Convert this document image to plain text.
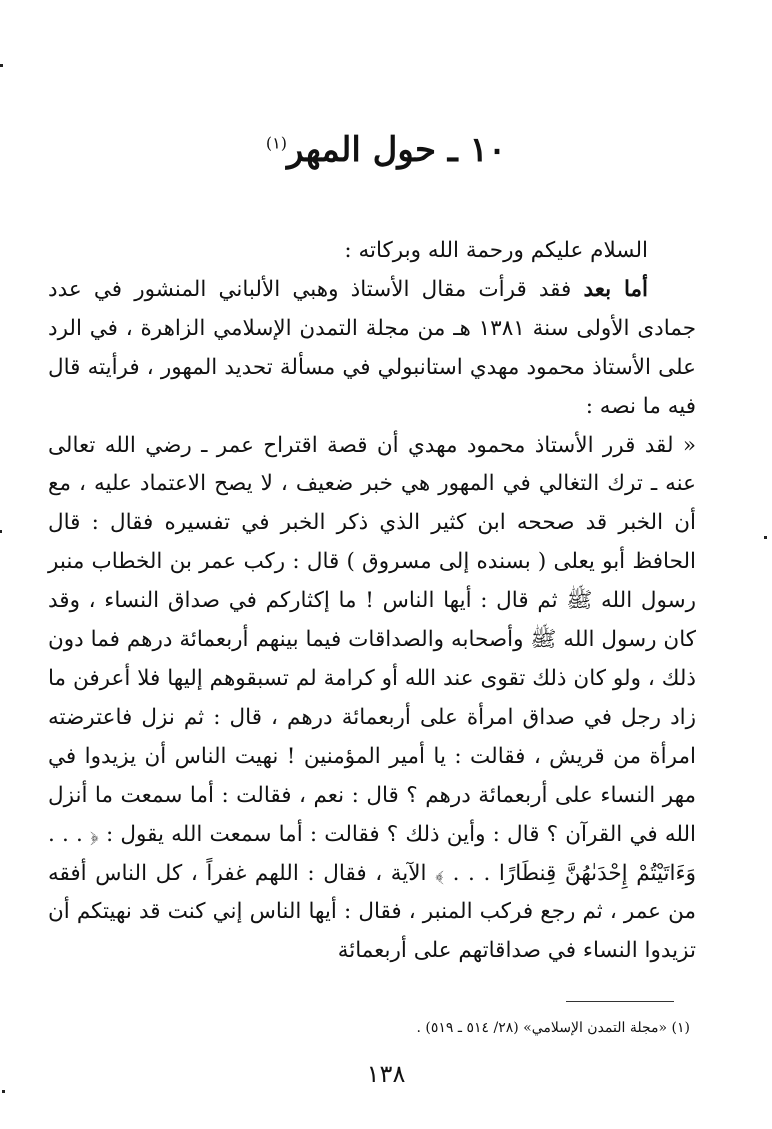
١٠ ـ حول المهر$^{(١)}$

السلام عليكم ورحمة الله وبركاته :

أما بعد فقد قرأت مقال الأستاذ وهبي الألباني المنشور في عدد جمادى الأولى سنة ١٣٨١ هـ من مجلة التمدن الإسلامي الزاهرة ، في الرد على الأستاذ محمود مهدي استانبولي في مسألة تحديد المهور ، فرأيته قال فيه ما نصه :

« لقد قرر الأستاذ محمود مهدي أن قصة اقتراح عمر ـ رضي الله تعالى عنه ـ ترك التغالي في المهور هي خبر ضعيف ، لا يصح الاعتماد عليه ، مع أن الخبر قد صححه ابن كثير الذي ذكر الخبر في تفسيره فقال : قال الحافظ أبو يعلى ( بسنده إلى مسروق ) قال : ركب عمر بن الخطاب منبر رسول الله ﷺ ثم قال : أيها الناس ! ما إكثاركم في صداق النساء ، وقد كان رسول الله ﷺ وأصحابه والصداقات فيما بينهم أربعمائة درهم فما دون ذلك ، ولو كان ذلك تقوى عند الله أو كرامة لم تسبقوهم إليها فلا أعرفن ما زاد رجل في صداق امرأة على أربعمائة درهم ، قال : ثم نزل فاعترضته امرأة من قريش ، فقالت : يا أمير المؤمنين ! نهيت الناس أن يزيدوا في مهر النساء على أربعمائة درهم ؟ قال : نعم ، فقالت : أما سمعت ما أنزل الله في القرآن ؟ قال : وأين ذلك ؟ فقالت : أما سمعت الله يقول : ﴿ . . . وَءَاتَيْتُمْ إِحْدَىٰهُنَّ قِنطَارًا . . . ﴾ الآية ، فقال : اللهم غفراً ، كل الناس أفقه من عمر ، ثم رجع فركب المنبر ، فقال : أيها الناس إني كنت قد نهيتكم أن تزيدوا النساء في صداقاتهم على أربعمائة

(١) «مجلة التمدن الإسلامي» (٢٨/ ٥١٤ ـ ٥١٩) .
١٣٨
